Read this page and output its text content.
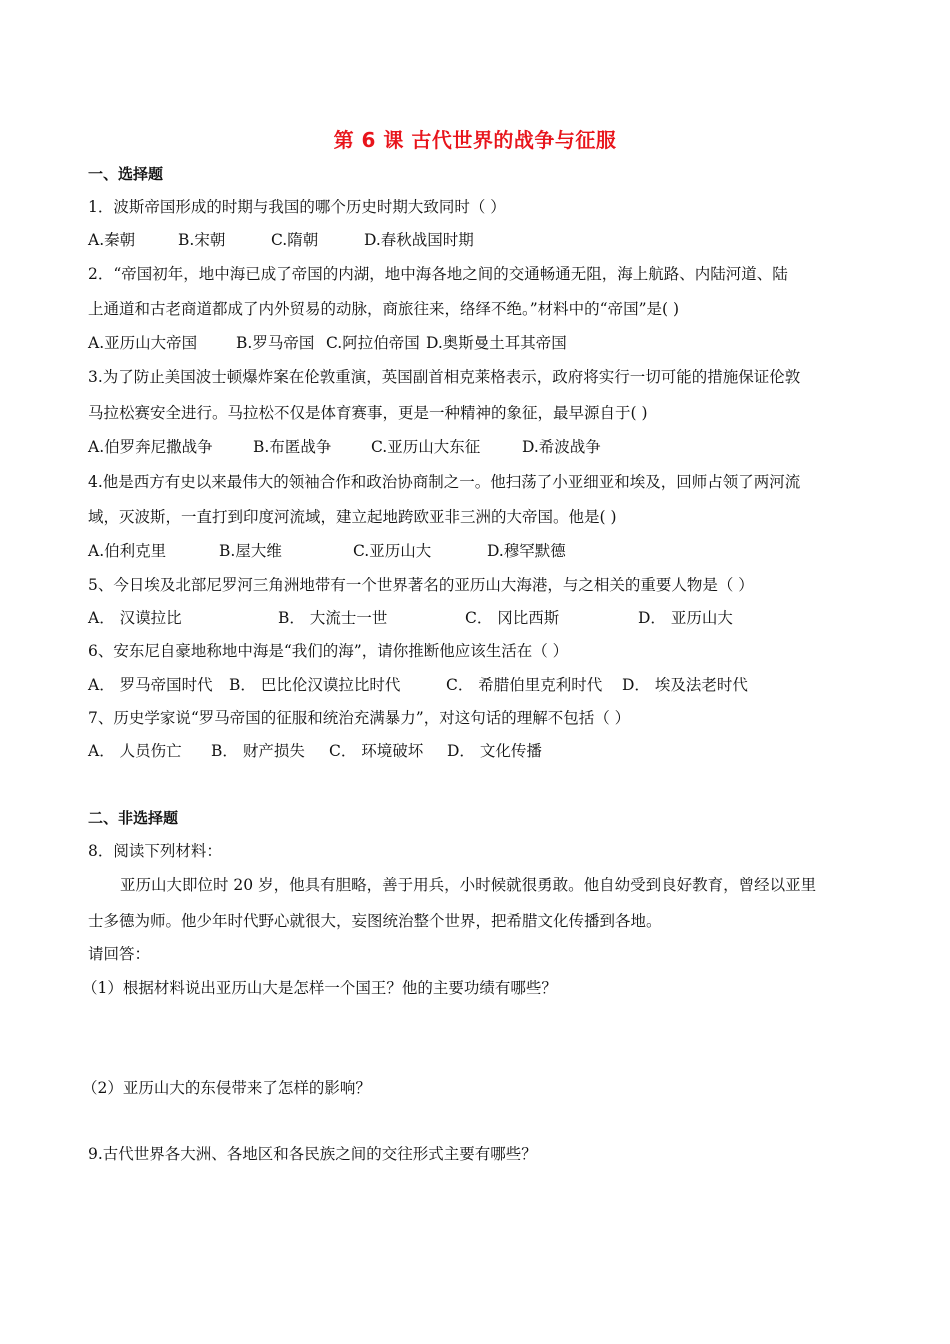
第 6 课 古代世界的战争与征服
一、选择题
1．波斯帝国形成的时期与我国的哪个历史时期大致同时（ ）
A.秦朝	B.宋朝	C.隋朝	D.春秋战国时期
2．“帝国初年，地中海已成了帝国的内湖，地中海各地之间的交通畅通无阻，海上航路、内陆河道、陆
上通道和古老商道都成了内外贸易的动脉，商旅往来，络绎不绝。”材料中的“帝国”是( )
A.亚历山大帝国	B.罗马帝国 C.阿拉伯帝国 D.奥斯曼土耳其帝国
3.为了防止美国波士顿爆炸案在伦敦重演，英国副首相克莱格表示，政府将实行一切可能的措施保证伦敦
马拉松赛安全进行。马拉松不仅是体育赛事，更是一种精神的象征，最早源自于( )
A.伯罗奔尼撒战争	B.布匿战争	C.亚历山大东征	D.希波战争
4.他是西方有史以来最伟大的领袖合作和政治协商制之一。他扫荡了小亚细亚和埃及，回师占领了两河流
域，灭波斯，一直打到印度河流域，建立起地跨欧亚非三洲的大帝国。他是( )
A.伯利克里	B.屋大维	C.亚历山大	D.穆罕默德
5、今日埃及北部尼罗河三角洲地带有一个世界著名的亚历山大海港，与之相关的重要人物是（ ）
A． 汉谟拉比	B． 大流士一世	C． 冈比西斯	D． 亚历山大
6、安东尼自豪地称地中海是“我们的海”，请你推断他应该生活在（ ）
A． 罗马帝国时代 B． 巴比伦汉谟拉比时代	C． 希腊伯里克利时代 D． 埃及法老时代
7、历史学家说“罗马帝国的征服和统治充满暴力”，对这句话的理解不包括（ ）
A． 人员伤亡 B． 财产损失 C． 环境破坏 D． 文化传播
二、非选择题
8．阅读下列材料：
亚历山大即位时 20 岁，他具有胆略，善于用兵，小时候就很勇敢。他自幼受到良好教育，曾经以亚里
士多德为师。他少年时代野心就很大，妄图统治整个世界，把希腊文化传播到各地。
请回答：
（1）根据材料说出亚历山大是怎样一个国王？他的主要功绩有哪些？
（2）亚历山大的东侵带来了怎样的影响？
9.古代世界各大洲、各地区和各民族之间的交往形式主要有哪些？
